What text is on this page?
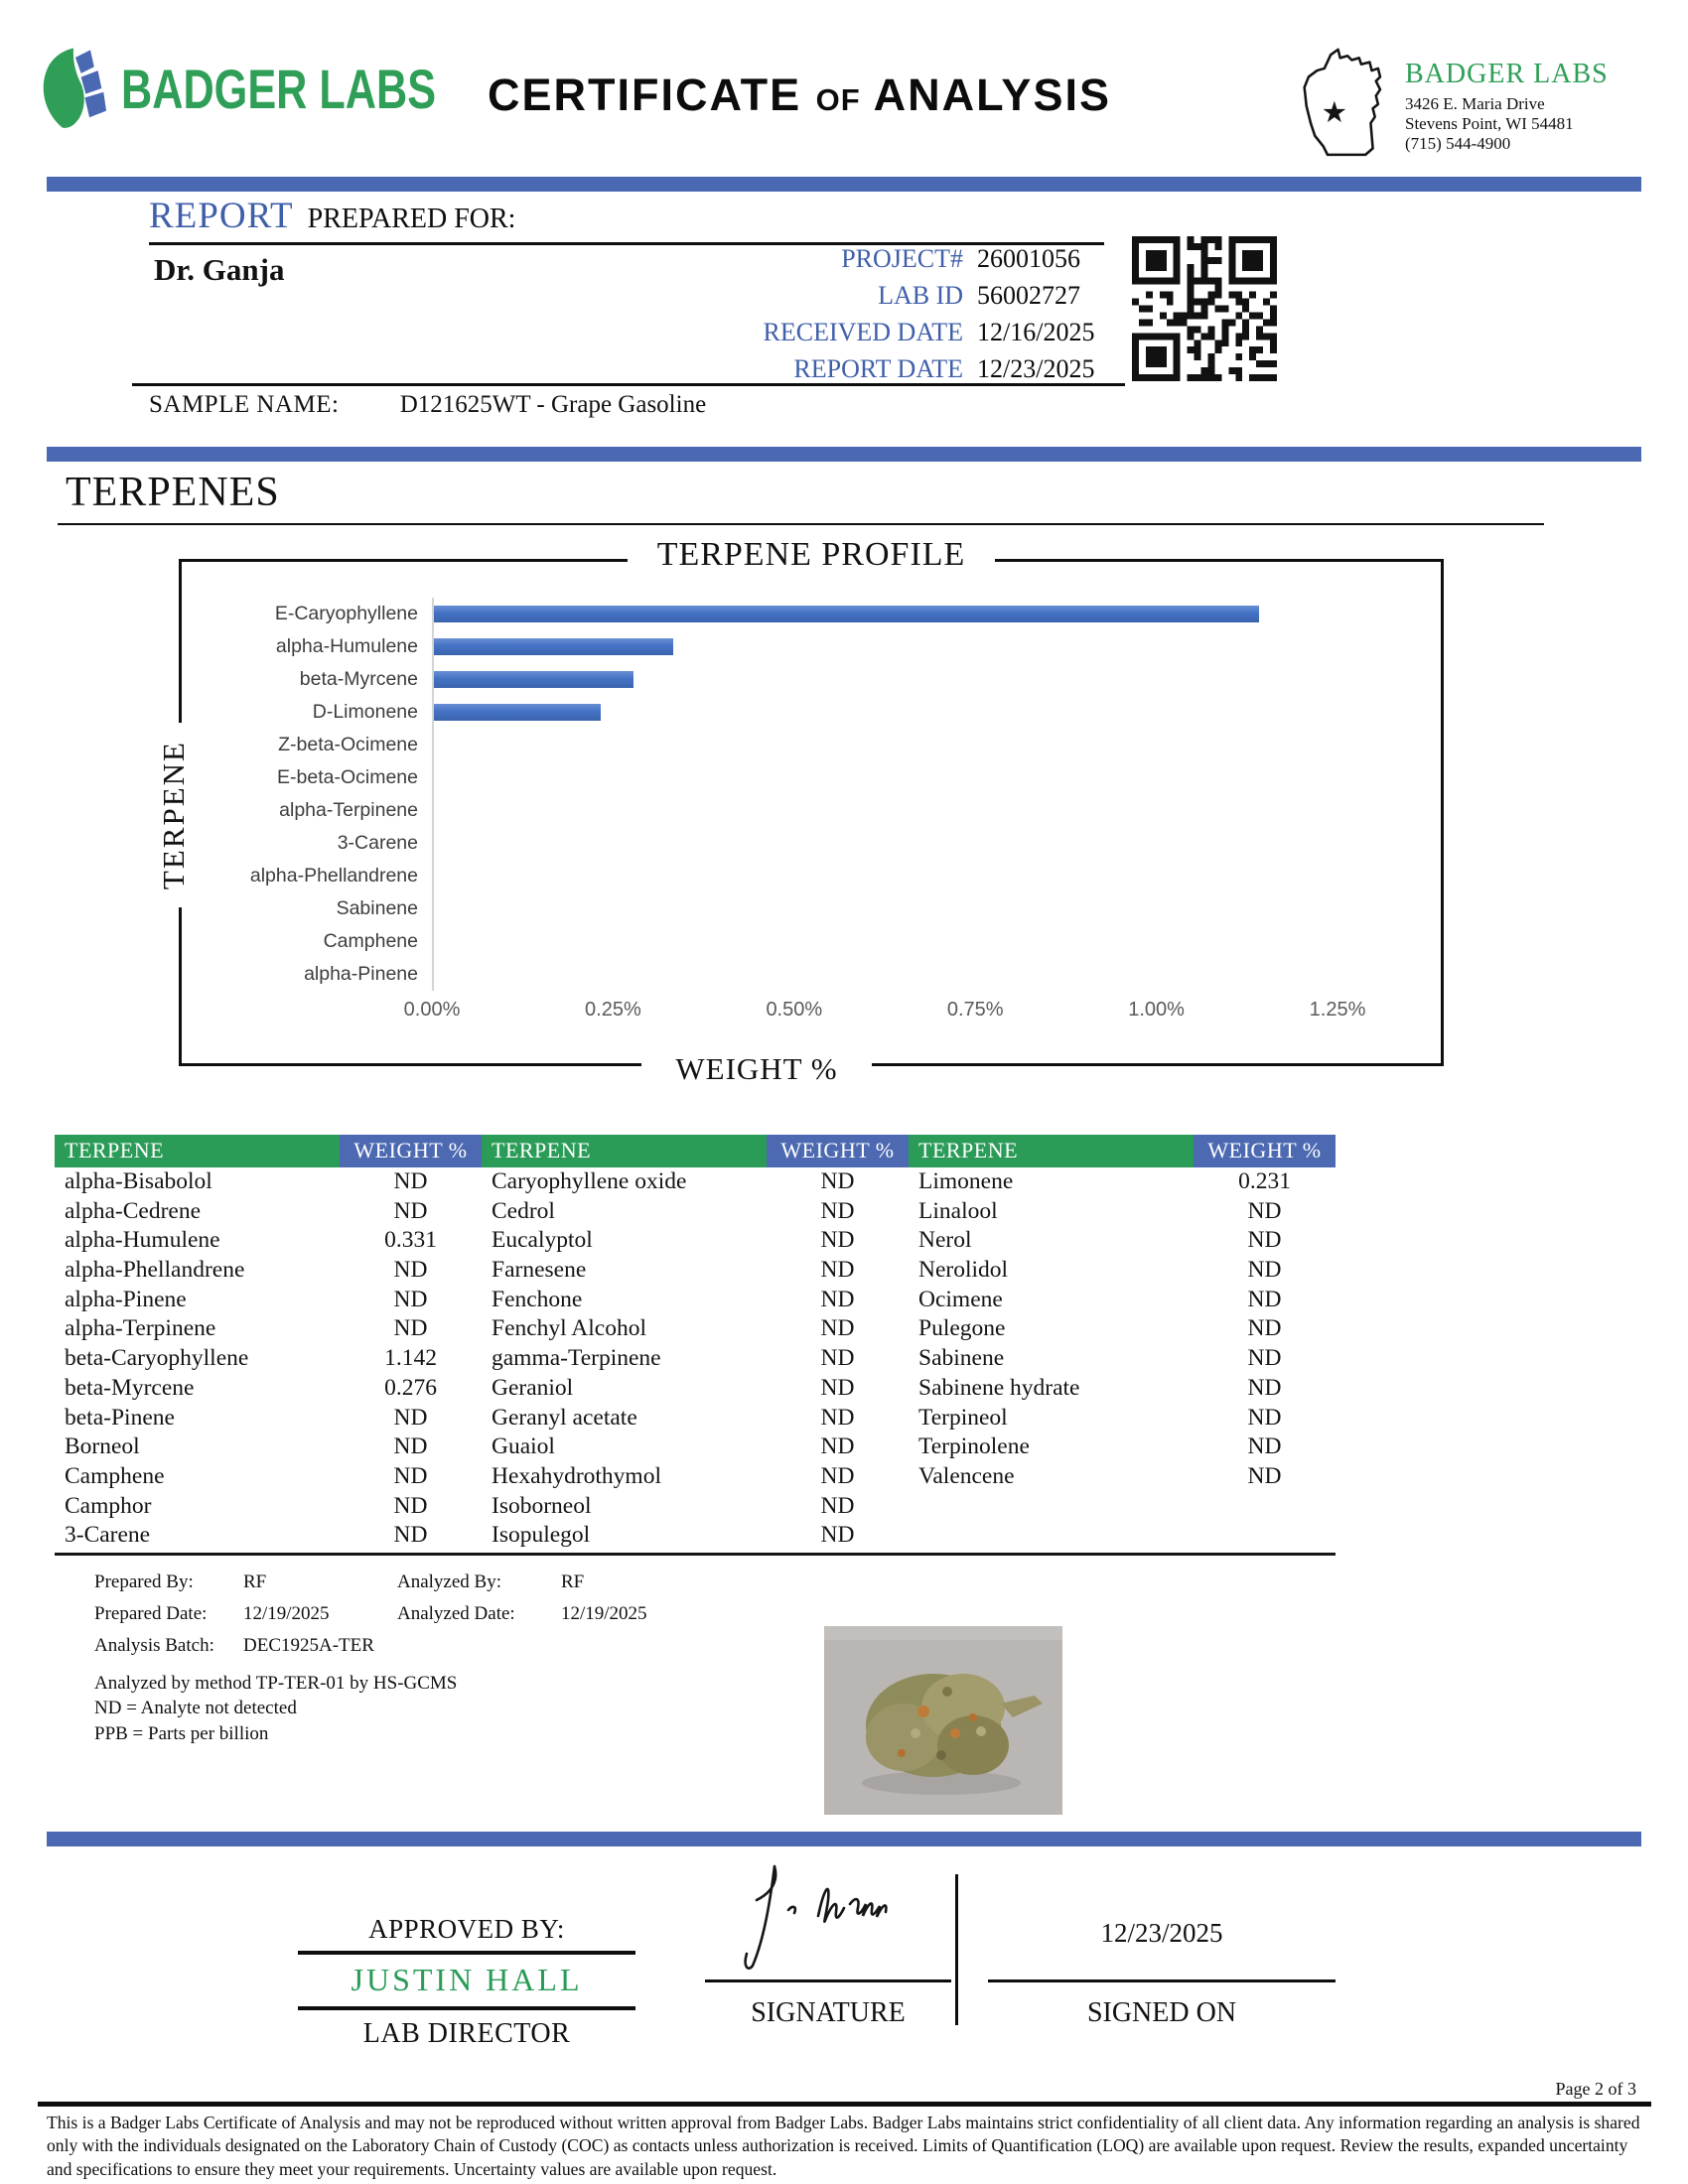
BADGER LABS	CERTIFICATE OF ANALYSIS	★
BADGER LABS
3426 E. Maria Drive
Stevens Point, WI 54481
(715) 544-4900
REPORT PREPARED FOR:
Dr. Ganja	PROJECT# 26001056
LAB ID 56002727
RECEIVED DATE 12/16/2025
REPORT DATE 12/23/2025
SAMPLE NAME: D121625WT - Grape Gasoline
TERPENES
TERPENE PROFILE
TERPENE
E-Caryophyllene
alpha-Humulene
beta-Myrcene
D-Limonene
Z-beta-Ocimene
E-beta-Ocimene
alpha-Terpinene
3-Carene
alpha-Phellandrene
Sabinene
Camphene
alpha-Pinene
0.00%	0.25%	0.50%	0.75%	1.00%	1.25%
WEIGHT %
TERPENE	WEIGHT %	TERPENE	WEIGHT %	TERPENE	WEIGHT %
alpha-Bisabolol	ND	Caryophyllene oxide	ND	Limonene	0.231
alpha-Cedrene	ND	Cedrol	ND	Linalool	ND
alpha-Humulene	0.331	Eucalyptol	ND	Nerol	ND
alpha-Phellandrene	ND	Farnesene	ND	Nerolidol	ND
alpha-Pinene	ND	Fenchone	ND	Ocimene	ND
alpha-Terpinene	ND	Fenchyl Alcohol	ND	Pulegone	ND
beta-Caryophyllene	1.142	gamma-Terpinene	ND	Sabinene	ND
beta-Myrcene	0.276	Geraniol	ND	Sabinene hydrate	ND
beta-Pinene	ND	Geranyl acetate	ND	Terpineol	ND
Borneol	ND	Guaiol	ND	Terpinolene	ND
Camphene	ND	Hexahydrothymol	ND	Valencene	ND
Camphor	ND	Isoborneol	ND
3-Carene	ND	Isopulegol	ND
Prepared By:	RF	Analyzed By:	RF
Prepared Date:	12/19/2025	Analyzed Date:	12/19/2025
Analysis Batch:	DEC1925A-TER
Analyzed by method TP-TER-01 by HS-GCMS
ND = Analyte not detected
PPB = Parts per billion
APPROVED BY:
JUSTIN HALL
LAB DIRECTOR
SIGNATURE
12/23/2025
SIGNED ON
Page 2 of 3
This is a Badger Labs Certificate of Analysis and may not be reproduced without written approval from Badger Labs. Badger Labs maintains strict confidentiality of all client data. Any information regarding an analysis is shared only with the individuals designated on the Laboratory Chain of Custody (COC) as contacts unless authorization is received. Limits of Quantification (LOQ) are available upon request. Review the results, expanded uncertainty and specifications to ensure they meet your requirements. Uncertainty values are available upon request.
